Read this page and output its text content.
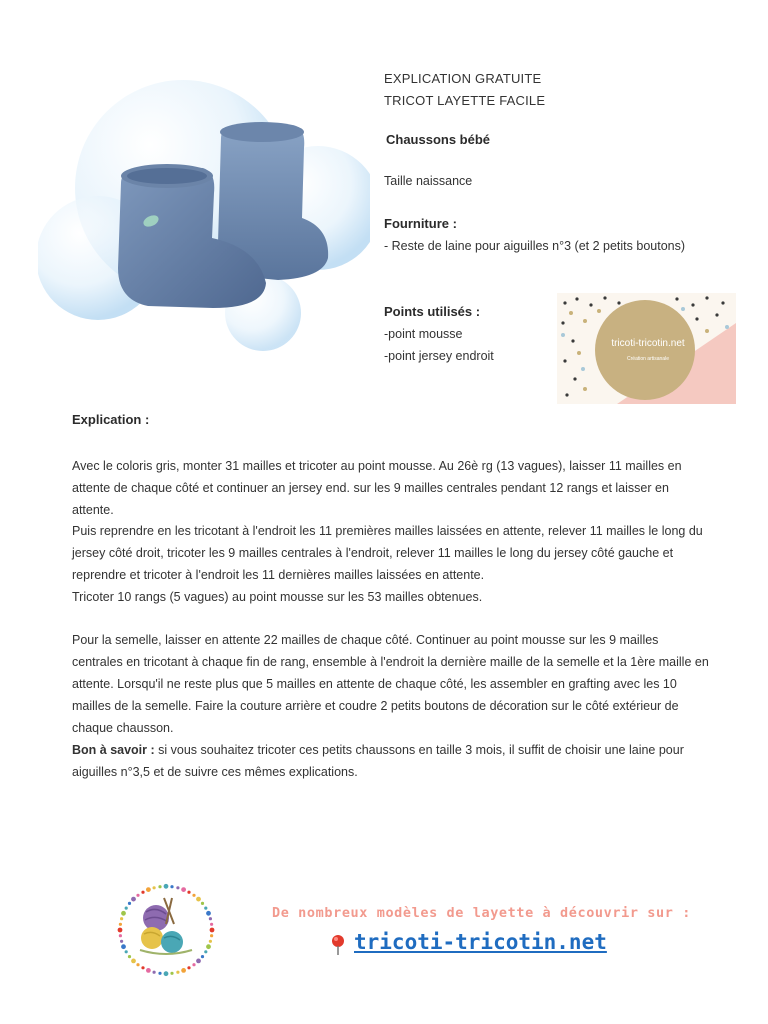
EXPLICATION GRATUITE
TRICOT LAYETTE FACILE
Chaussons bébé
Taille naissance
Fourniture :
- Reste de laine pour aiguilles n°3 (et 2 petits boutons)
Points utilisés :
-point mousse
-point jersey endroit
tricoti-tricotin.net
Création artisanale
Explication :

Avec le coloris gris, monter 31 mailles et tricoter au point mousse. Au 26è rg (13 vagues), laisser 11 mailles en attente de chaque côté et continuer an jersey end. sur les 9 mailles centrales pendant 12 rangs et laisser en attente.

Puis reprendre en les tricotant à l'endroit les 11 premières mailles laissées en attente, relever 11 mailles le long du jersey côté droit, tricoter les 9 mailles centrales à l'endroit, relever 11 mailles le long du jersey côté gauche et reprendre et tricoter à l'endroit les 11 dernières mailles laissées en attente.

Tricoter 10 rangs (5 vagues) au point mousse sur les 53 mailles obtenues.

Pour la semelle, laisser en attente 22 mailles de chaque côté. Continuer au point mousse sur les 9 mailles centrales en tricotant à chaque fin de rang, ensemble à l'endroit la dernière maille de la semelle et la 1ère maille en attente. Lorsqu'il ne reste plus que 5 mailles en attente de chaque côté, les assembler en grafting avec les 10 mailles de la semelle. Faire la couture arrière et coudre 2 petits boutons de décoration sur le côté extérieur de chaque chausson.

Bon à savoir : si vous souhaitez tricoter ces petits chaussons en taille 3 mois, il suffit de choisir une laine pour aiguilles n°3,5 et de suivre ces mêmes explications.

De nombreux modèles de layette à découvrir sur :
tricoti-tricotin.net
